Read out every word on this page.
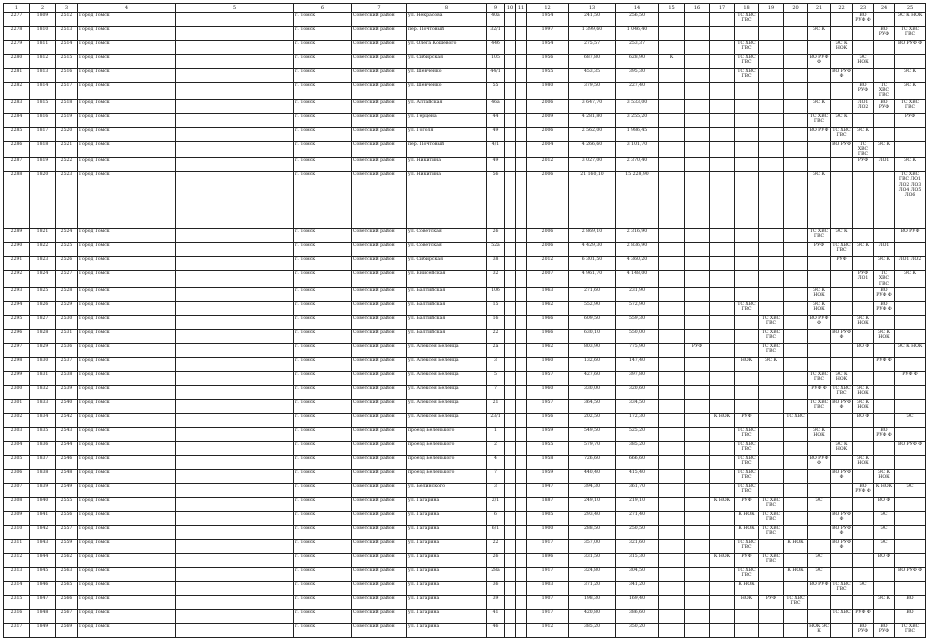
1	2	3	4	5	6	7	8	9	10	11	12	13	14	15	16	17	18	19	20	21	22	23	24	25
2277	1809	2512	Город Томск		г. Томск	Советский район	ул. Некрасова	40а			1954	241,50	256,50				ТС ХВС ГВС					ВО РУФ Ф		ЭС К НОК
2278	1810	2513	Город Томск		г. Томск	Советский район	пер. Почтовый	32/1			1997	1 399,60	1 046,40							ЭС К			ВО РУФ	ТС ХВС ГВС
2279	1811	2514	Город Томск		г. Томск	Советский район	ул. Олега Кошевого	44б			1954	275,57	253,37				ТС ХВС ГВС				ЭС К НОК			ВО РУФ Ф
2280	1812	2515	Город Томск		г. Томск	Советский район	ул. Сибирская	105			1956	687,80	628,90	К			ТС ХВС ГВС			ВО РУФ Ф		ЭС НОК		
2281	1813	2516	Город Томск		г. Томск	Советский район	ул. Шевченко	44/1			1955	453,35	395,30				ТС ХВС ГВС				ВО РУФ Ф			ЭС К
2282	1814	2517	Город Томск		г. Томск	Советский район	ул. Шевченко	55			1980	379,50	227,40									ВО РУФ	ТС ХВС ГВС	ЭС К
2283	1815	2518	Город Томск		г. Томск	Советский район	ул. Алтайская	46а			2006	3 647,70	3 533,00							ЭС К		ЛО1 ЛО2	ВО РУФ	ТС ХВС ГВС
2284	1816	2519	Город Томск		г. Томск	Советский район	ул. Герцена	44			2009	4 281,80	3 255,20							ТС ХВС ГВС	ЭС К			РУФ
2285	1817	2520	Город Томск		г. Томск	Советский район	ул. Гоголя	49			2006	2 562,00	1 986,45							ВО РУФ	ТС ХВС ГВС	ЭС К		
2286	1818	2521	Город Томск		г. Томск	Советский район	пер. Почтовый	4/1			2004	4 266,60	3 101,70								ВО РУФ	ТС ХВС ГВС	ЭС К	
2287	1819	2522	Город Томск		г. Томск	Советский район	ул. Никитина	49			2012	3 027,00	2 370,40									РУФ	ЛО1	ЭС К
2288	1820	2523	Город Томск		г. Томск	Советский район	ул. Никитина	56			2006	21 160,10	15 228,90							ЭС К				ТС ХВС ГВС ЛО1 ЛО2 ЛО3 ЛО4 ЛО5 ЛО6
2289	1821	2524	Город Томск		г. Томск	Советский район	ул. Советская	26			2006	2 869,10	2 316,90							ТС ХВС ГВС	ЭС К			ВО РУФ
2290	1822	2525	Город Томск		г. Томск	Советский район	ул. Советская	52а			2006	4 429,30	2 836,90							РУФ	ТС ХВС ГВС	ЭС К	ЛО1	
2291	1823	2526	Город Томск		г. Томск	Советский район	ул. Сибирская	38			2012	6 301,50	4 360,20								РУФ		ЭС К	ЛО1 ЛО2
2292	1824	2527	Город Томск		г. Томск	Советский район	ул. Енисейская	32			2007	4 961,70	4 148,00									РУФ ЛО1	ТС ХВС ГВС	ЭС К
2293	1825	2528	Город Томск		г. Томск	Советский район	ул. Балтийская	10б			1963	271,60	231,90							ЭС К НОК			ВО РУФ Ф	
2294	1826	2529	Город Томск		г. Томск	Советский район	ул. Балтийская	15			1962	552,90	572,90				ТС ХВС ГВС			ЭС К НОК			ВО РУФ Ф	
2295	1827	2530	Город Томск		г. Томск	Советский район	ул. Балтийская	16			1966	609,50	559,30					ТС ХВС ГВС		ВО РУФ Ф		ЭС К НОК		
2296	1828	2531	Город Томск		г. Томск	Советский район	ул. Балтийская	22			1966	630,10	550,00					ТС ХВС ГВС			ВО РУФ Ф		ЭС К НОК	
2297	1829	2536	Город Томск		г. Томск	Советский район	ул. Алексея Беленца	2а			1962	803,90	775,90		РУФ			ТС ХВС ГВС				ВО Ф		ЭС К НОК
2298	1830	2537	Город Томск		г. Томск	Советский район	ул. Алексея Беленца	3			1960	132,60	147,40				НОК	ЭС К					РУФ Ф	
2299	1831	2538	Город Томск		г. Томск	Советский район	ул. Алексея Беленца	5			1957	427,60	397,80							ТС ХВС ГВС	ЭС К НОК			РУФ Ф
2300	1832	2539	Город Томск		г. Томск	Советский район	ул. Алексея Беленца	7			1960	330,00	320,60							РУФ Ф	ТС ХВС ГВС	ЭС К НОК		
2301	1833	2540	Город Томск		г. Томск	Советский район	ул. Алексея Беленца	21			1957	364,50	334,50							ТС ХВС ГВС	ВО РУФ Ф	ЭС К НОК		
2302	1834	2542	Город Томск		г. Томск	Советский район	ул. Алексея Беленца	23/1			1956	202,50	172,30			К НОК	РУФ		ТС ХВС			ВО Ф		ЭС
2303	1835	2543	Город Томск		г. Томск	Советский район	проезд Беленького	1			1959	549,50	525,20				ТС ХВС ГВС			ЭС К НОК			ВО РУФ Ф	
2304	1836	2544	Город Томск		г. Томск	Советский район	проезд Беленького	2			1955	579,70	385,20				ТС ХВС ГВС				ЭС К НОК			ВО РУФ Ф
2305	1837	2546	Город Томск		г. Томск	Советский район	проезд Беленького	4			1958	726,60	666,60				ТС ХВС ГВС			ВО РУФ Ф		ЭС К НОК		
2306	1838	2548	Город Томск		г. Томск	Советский район	проезд Беленького	7			1959	440,40	415,40				ТС ХВС ГВС				ВО РУФ Ф		ЭС К НОК	
2307	1839	2549	Город Томск		г. Томск	Советский район	ул. Белинского	3			1947	394,30	361,70				ТС ХВС ГВС					ВО РУФ Ф	К НОК	ЭС
2308	1840	2555	Город Томск		г. Томск	Советский район	ул. Гагарина	2/1			1887	249,10	219,10			К НОК	РУФ	ТС ХВС ГВС		ЭС			ВО Ф	
2309	1841	2556	Город Томск		г. Томск	Советский район	ул. Гагарина	6			1905	293,40	271,40				К НОК	ТС ХВС ГВС			ВО РУФ Ф		ЭС	
2310	1842	2557	Город Томск		г. Томск	Советский район	ул. Гагарина	6/1			1900	288,50	250,50				К НОК	ТС ХВС ГВС			ВО РУФ Ф		ЭС	
2311	1843	2559	Город Томск		г. Томск	Советский район	ул. Гагарина	22			1917	357,00	321,60				ТС ХВС ГВС		К НОК		ВО РУФ Ф		ЭС	
2312	1844	2562	Город Томск		г. Томск	Советский район	ул. Гагарина	26			1896	331,50	315,30			К НОК	РУФ	ТС ХВС ГВС		ЭС			ВО Ф	
2313	1845	2563	Город Томск		г. Томск	Советский район	ул. Гагарина	28а			1917	324,80	304,50				ТС ХВС ГВС		К НОК	ЭС				ВО РУФ Ф
2314	1846	2565	Город Томск		г. Томск	Советский район	ул. Гагарина	36			1903	371,20	341,20				К НОК			ВО РУФ	ТС ХВС ГВС	ЭС		
2315	1847	2566	Город Томск		г. Томск	Советский район	ул. Гагарина	39			1907	198,30	169,40				НОК	РУФ	ТС ХВС ГВС				ЭС К	ВО
2316	1848	2567	Город Томск		г. Томск	Советский район	ул. Гагарина	41			1917	420,80	386,60								ТС ХВС	РУФ Ф		ВО
2317	1849	2569	Город Томск		г. Томск	Советский район	ул. Гагарина	46			1912	385,20	350,20							НОК ЭС К		ВО РУФ	ВО РУФ	ТС ХВС ГВС
